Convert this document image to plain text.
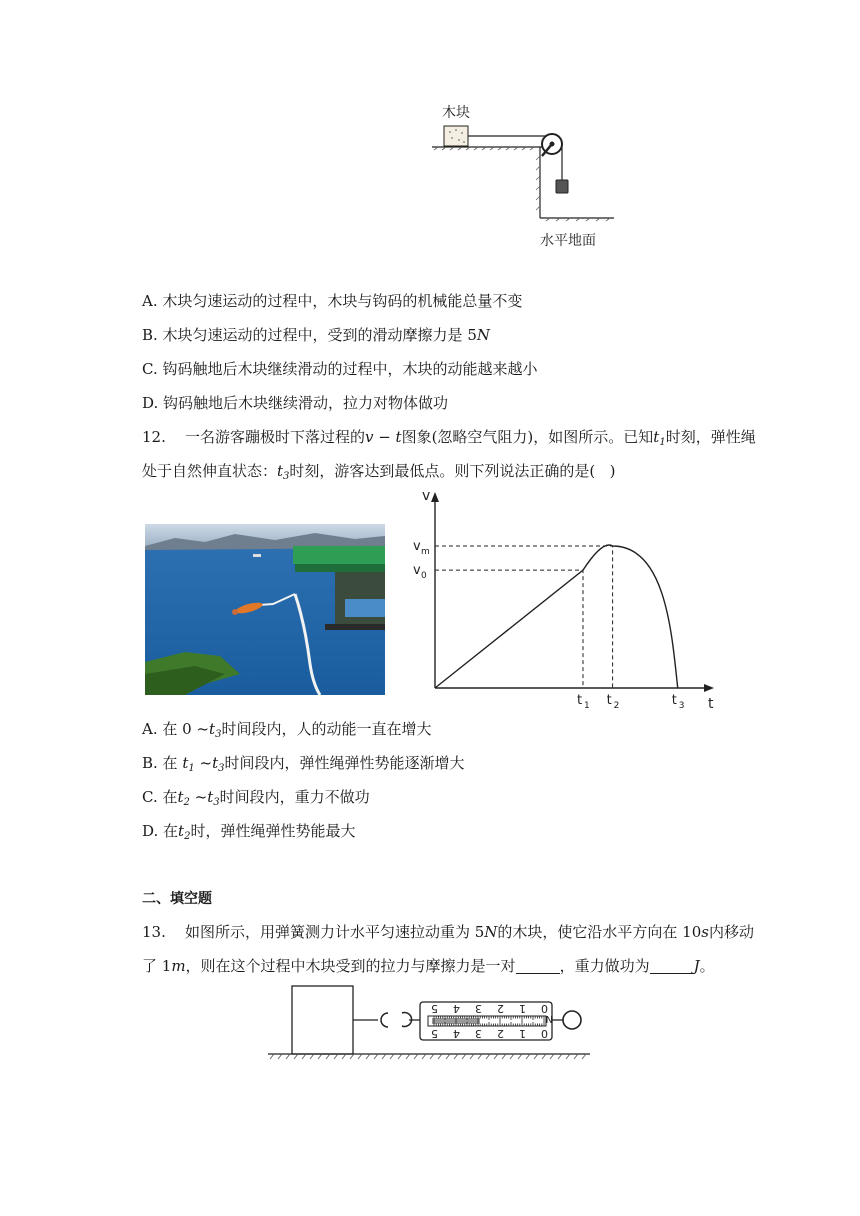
木块
水平地面
A. 木块匀速运动的过程中，木块与钩码的机械能总量不变
B. 木块匀速运动的过程中，受到的滑动摩擦力是 5N
C. 钩码触地后木块继续滑动的过程中，木块的动能越来越小
D. 钩码触地后木块继续滑动，拉力对物体做功
12. 一名游客蹦极时下落过程的v − t图象(忽略空气阻力)，如图所示。已知$t_1$时刻，弹性绳
处于自然伸直状态：$t_3$时刻，游客达到最低点。则下列说法正确的是( )
v
t
t 1 t 2	t 3
v 0
v m
A. 在 0 $\sim t_3$时间段内，人的动能一直在增大
B. 在 $t_1$ $\sim t_3$时间段内，弹性绳弹性势能逐渐增大
C. 在$t_2$ $\sim t_3$时间段内，重力不做功
D. 在$t_2$时，弹性绳弹性势能最大
二、填空题
13. 如图所示，用弹簧测力计水平匀速拉动重为 5N的木块，使它沿水平方向在 10s内移动
了 1m，则在这个过程中木块受到的拉力与摩擦力是一对	，重力做功为	J。
5 4 3 2 1 0
5 4 3 2 1 0
N
